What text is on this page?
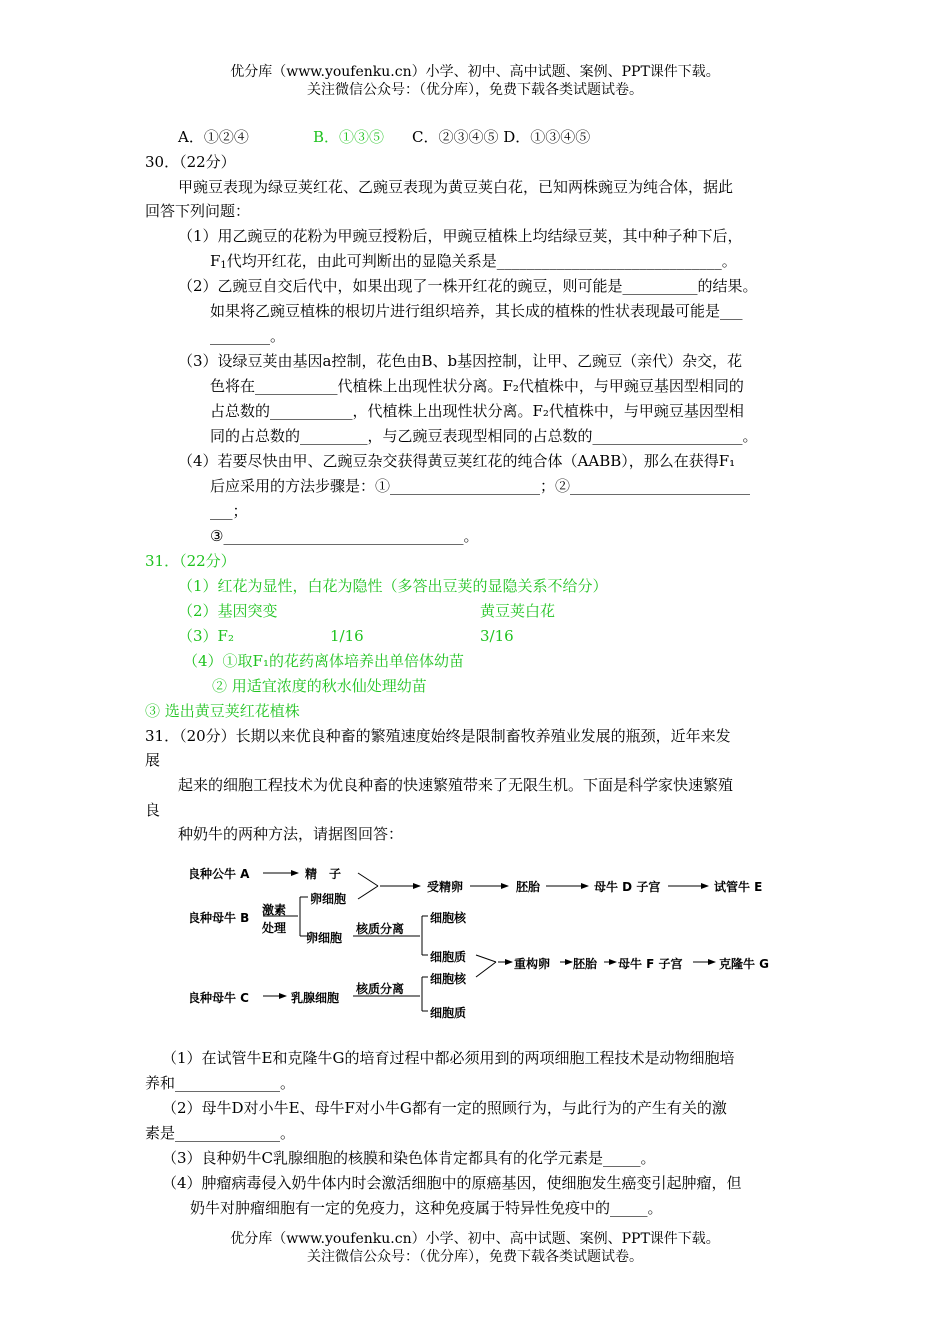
优分库（www.youfenku.cn）小学、初中、高中试题、案例、PPT课件下载。
关注微信公众号：（优分库），免费下载各类试题试卷。
A．①②④	B．①③⑤ C．②③④⑤ D．①③④⑤
30．（22分）
甲豌豆表现为绿豆荚红花、乙豌豆表现为黄豆荚白花，已知两株豌豆为纯合体，据此
回答下列问题：
（1）用乙豌豆的花粉为甲豌豆授粉后，甲豌豆植株上均结绿豆荚，其中种子种下后，
$F_1$代均开红花，由此可判断出的显隐关系是______________________________。
（2）乙豌豆自交后代中，如果出现了一株开红花的豌豆，则可能是__________的结果。
如果将乙豌豆植株的根切片进行组织培养，其长成的植株的性状表现最可能是___
________。
（3）设绿豆荚由基因a控制，花色由B、b基因控制，让甲、乙豌豆（亲代）杂交，花
色将在___________代植株上出现性状分离。F₂代植株中，与甲豌豆基因型相同的
占总数的___________，代植株上出现性状分离。F₂代植株中，与甲豌豆基因型相
同的占总数的_________，与乙豌豆表现型相同的占总数的____________________。
（4）若要尽快由甲、乙豌豆杂交获得黄豆荚红花的纯合体（AABB），那么在获得F₁
后应采用的方法步骤是：①____________________；②________________________
___；
③________________________________。
31．（22分）
（1）红花为显性，白花为隐性（多答出豆荚的显隐关系不给分）
（2）基因突变	黄豆荚白花
（3）F₂	1/16	3/16
（4）①取F₁的花药离体培养出单倍体幼苗
② 用适宜浓度的秋水仙处理幼苗
③ 选出黄豆荚红花植株
31．（20分）长期以来优良种畜的繁殖速度始终是限制畜牧养殖业发展的瓶颈，近年来发
展
起来的细胞工程技术为优良种畜的快速繁殖带来了无限生机。下面是科学家快速繁殖
良
种奶牛的两种方法，请据图回答：
良种公牛 A	精　子
受精卵	胚胎	母牛 D 子宫	试管牛 E
良种母牛 B
激素
处理
卵细胞
卵细胞
核质分离
细胞核
细胞质	重构卵 胚胎 母牛 F 子宫	克隆牛 G
良种母牛 C	乳腺细胞
核质分离
细胞核
细胞质
（1）在试管牛E和克隆牛G的培育过程中都必须用到的两项细胞工程技术是动物细胞培
养和______________。
（2）母牛D对小牛E、母牛F对小牛G都有一定的照顾行为，与此行为的产生有关的激
素是______________。
（3）良种奶牛C乳腺细胞的核膜和染色体肯定都具有的化学元素是_____。
（4）肿瘤病毒侵入奶牛体内时会激活细胞中的原癌基因，使细胞发生癌变引起肿瘤，但
奶牛对肿瘤细胞有一定的免疫力，这种免疫属于特异性免疫中的_____。
优分库（www.youfenku.cn）小学、初中、高中试题、案例、PPT课件下载。
关注微信公众号：（优分库），免费下载各类试题试卷。
